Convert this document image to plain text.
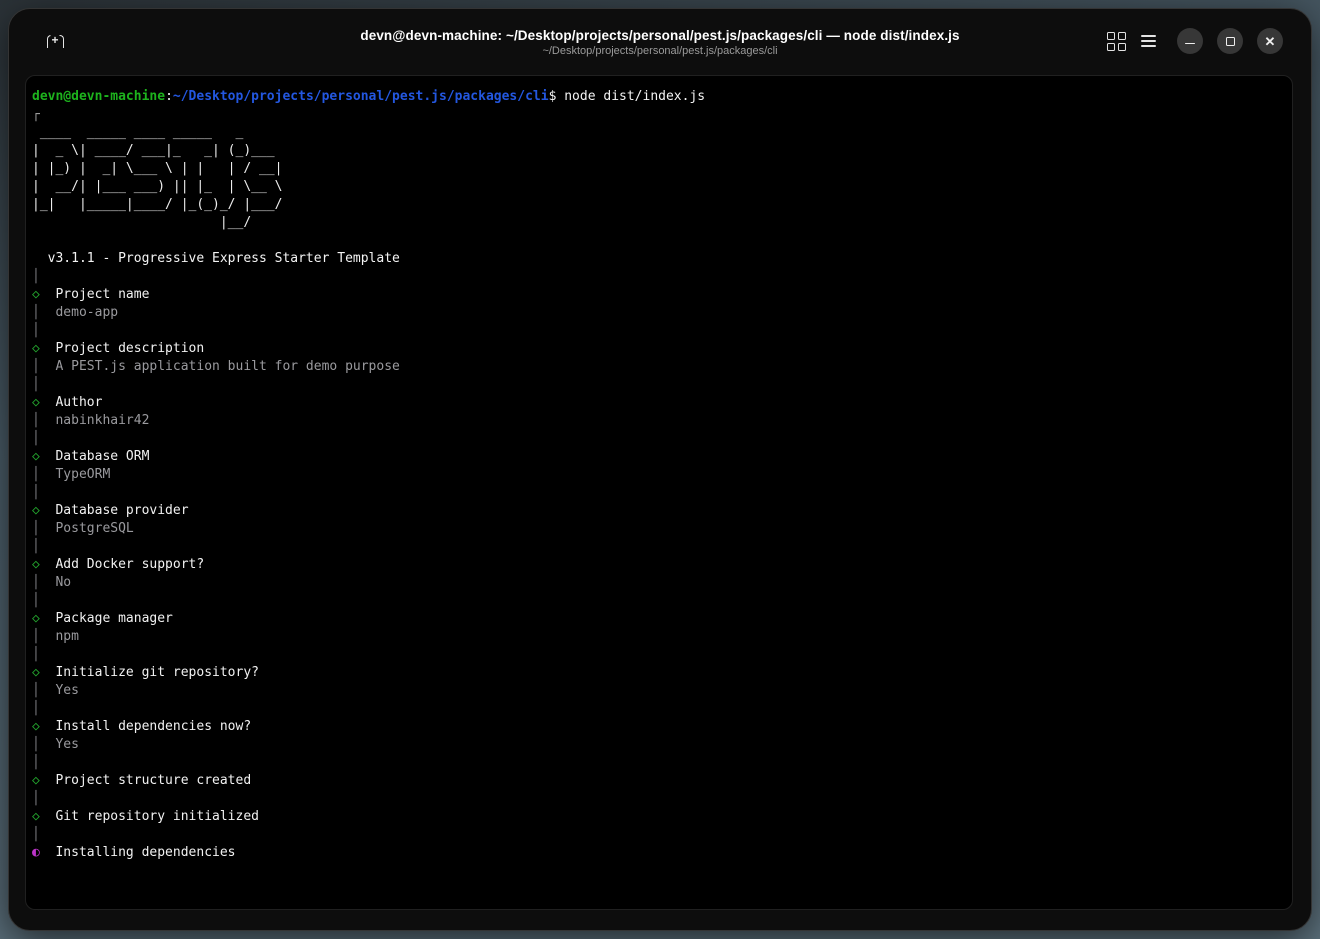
+
devn@devn-machine: ~/Desktop/projects/personal/pest.js/packages/cli — node dist/index.js
~/Desktop/projects/personal/pest.js/packages/cli
✕
devn@devn-machine:~/Desktop/projects/personal/pest.js/packages/cli$ node dist/index.js
┌
____  _____ ____ _____   _
|  _ \| ____/ ___|_   _| (_)___
| |_) |  _| \___ \ | |   | / __|
|  __/| |___ ___) || |_  | \__ \
|_|   |_____|____/ |_(_)_/ |___/
|__/

v3.1.1 - Progressive Express Starter Template
│
◇  Project name
│  demo-app
│
◇  Project description
│  A PEST.js application built for demo purpose
│
◇  Author
│  nabinkhair42
│
◇  Database ORM
│  TypeORM
│
◇  Database provider
│  PostgreSQL
│
◇  Add Docker support?
│  No
│
◇  Package manager
│  npm
│
◇  Initialize git repository?
│  Yes
│
◇  Install dependencies now?
│  Yes
│
◇  Project structure created
│
◇  Git repository initialized
│
◐  Installing dependencies
